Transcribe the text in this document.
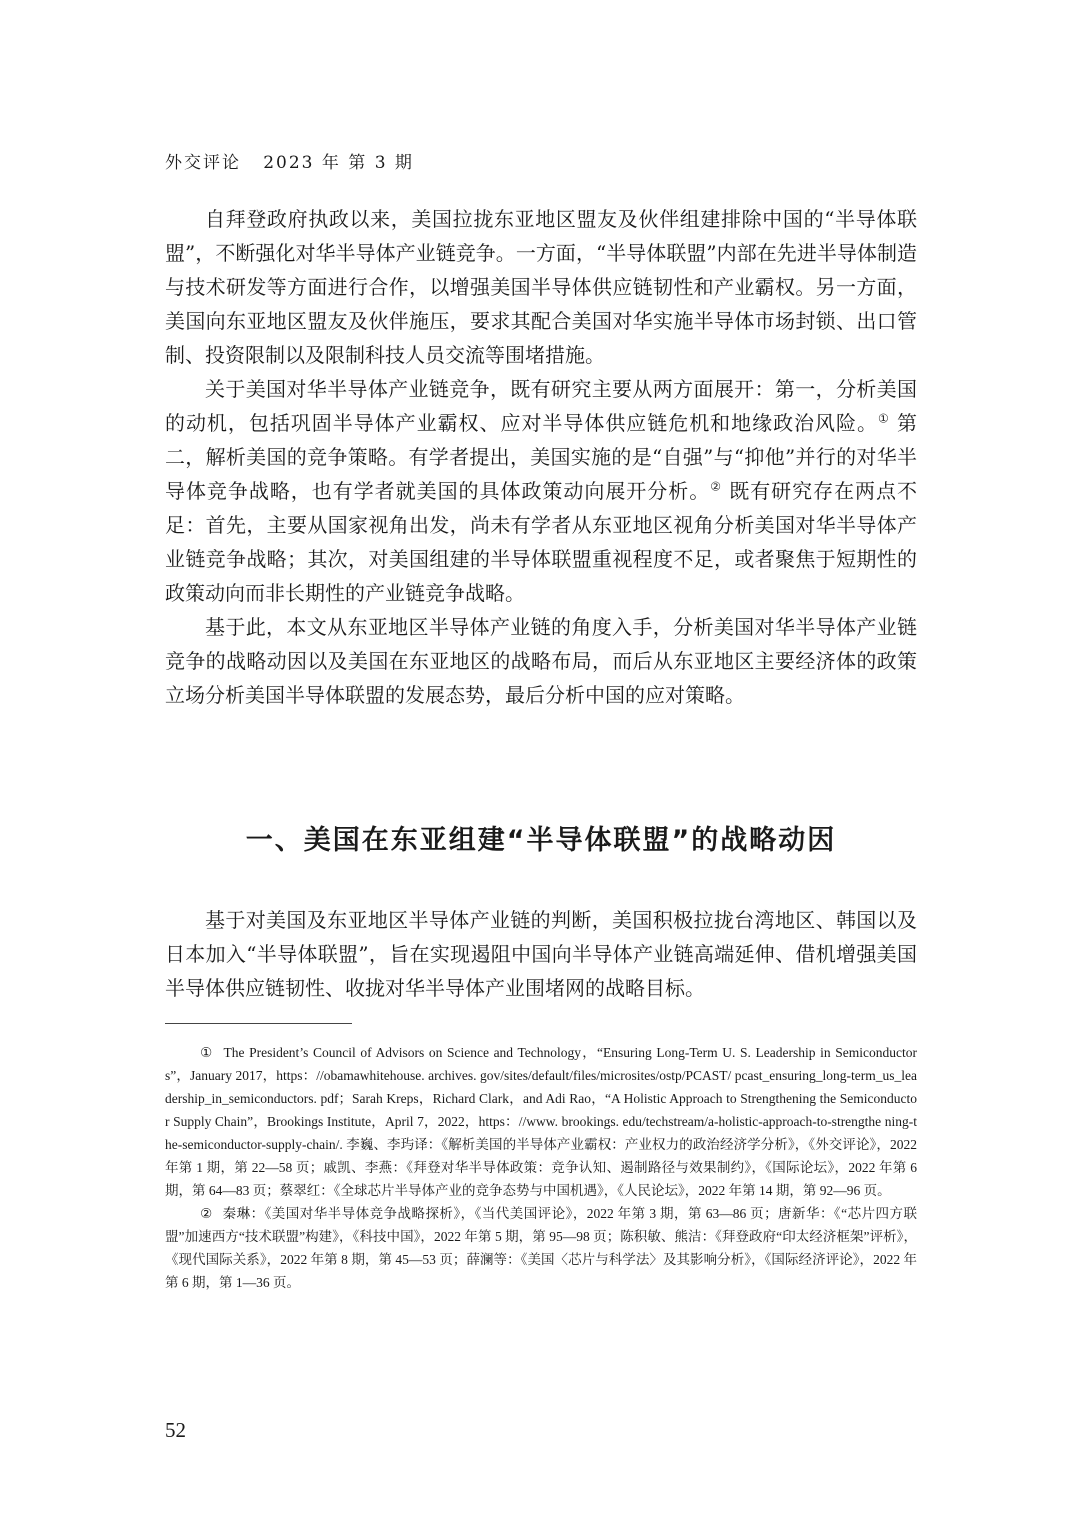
外交评论 2023 年 第 3 期

自拜登政府执政以来，美国拉拢东亚地区盟友及伙伴组建排除中国的“半导体联盟”，不断强化对华半导体产业链竞争。一方面，“半导体联盟”内部在先进半导体制造与技术研发等方面进行合作，以增强美国半导体供应链韧性和产业霸权。另一方面，美国向东亚地区盟友及伙伴施压，要求其配合美国对华实施半导体市场封锁、出口管制、投资限制以及限制科技人员交流等围堵措施。

关于美国对华半导体产业链竞争，既有研究主要从两方面展开：第一，分析美国的动机，包括巩固半导体产业霸权、应对半导体供应链危机和地缘政治风险。① 第二，解析美国的竞争策略。有学者提出，美国实施的是“自强”与“抑他”并行的对华半导体竞争战略，也有学者就美国的具体政策动向展开分析。② 既有研究存在两点不足：首先，主要从国家视角出发，尚未有学者从东亚地区视角分析美国对华半导体产业链竞争战略；其次，对美国组建的半导体联盟重视程度不足，或者聚焦于短期性的政策动向而非长期性的产业链竞争战略。

基于此，本文从东亚地区半导体产业链的角度入手，分析美国对华半导体产业链竞争的战略动因以及美国在东亚地区的战略布局，而后从东亚地区主要经济体的政策立场分析美国半导体联盟的发展态势，最后分析中国的应对策略。

一、美国在东亚组建“半导体联盟”的战略动因

基于对美国及东亚地区半导体产业链的判断，美国积极拉拢台湾地区、韩国以及日本加入“半导体联盟”，旨在实现遏阻中国向半导体产业链高端延伸、借机增强美国半导体供应链韧性、收拢对华半导体产业围堵网的战略目标。

① The President’s Council of Advisors on Science and Technology，“Ensuring Long-Term U. S. Leadership in Semiconductors”，January 2017，https：//obamawhitehouse. archives. gov/sites/default/files/microsites/ostp/PCAST/ pcast_ensuring_long-term_us_leadership_in_semiconductors. pdf；Sarah Kreps，Richard Clark，and Adi Rao，“A Holistic Approach to Strengthening the Semiconductor Supply Chain”，Brookings Institute，April 7，2022，https：//www. brookings. edu/techstream/a-holistic-approach-to-strengthe ning-the-semiconductor-supply-chain/. 李巍、李玙译：《解析美国的半导体产业霸权：产业权力的政治经济学分析》，《外交评论》，2022 年第 1 期，第 22—58 页；戚凯、李燕：《拜登对华半导体政策：竞争认知、遏制路径与效果制约》，《国际论坛》，2022 年第 6 期，第 64—83 页；蔡翠红：《全球芯片半导体产业的竞争态势与中国机遇》，《人民论坛》，2022 年第 14 期，第 92—96 页。

② 秦琳：《美国对华半导体竞争战略探析》，《当代美国评论》，2022 年第 3 期，第 63—86 页；唐新华：《“芯片四方联盟”加速西方“技术联盟”构建》，《科技中国》，2022 年第 5 期，第 95—98 页；陈积敏、熊洁：《拜登政府“印太经济框架”评析》，《现代国际关系》，2022 年第 8 期，第 45—53 页；薛澜等：《美国〈芯片与科学法〉及其影响分析》，《国际经济评论》，2022 年第 6 期，第 1—36 页。

52
